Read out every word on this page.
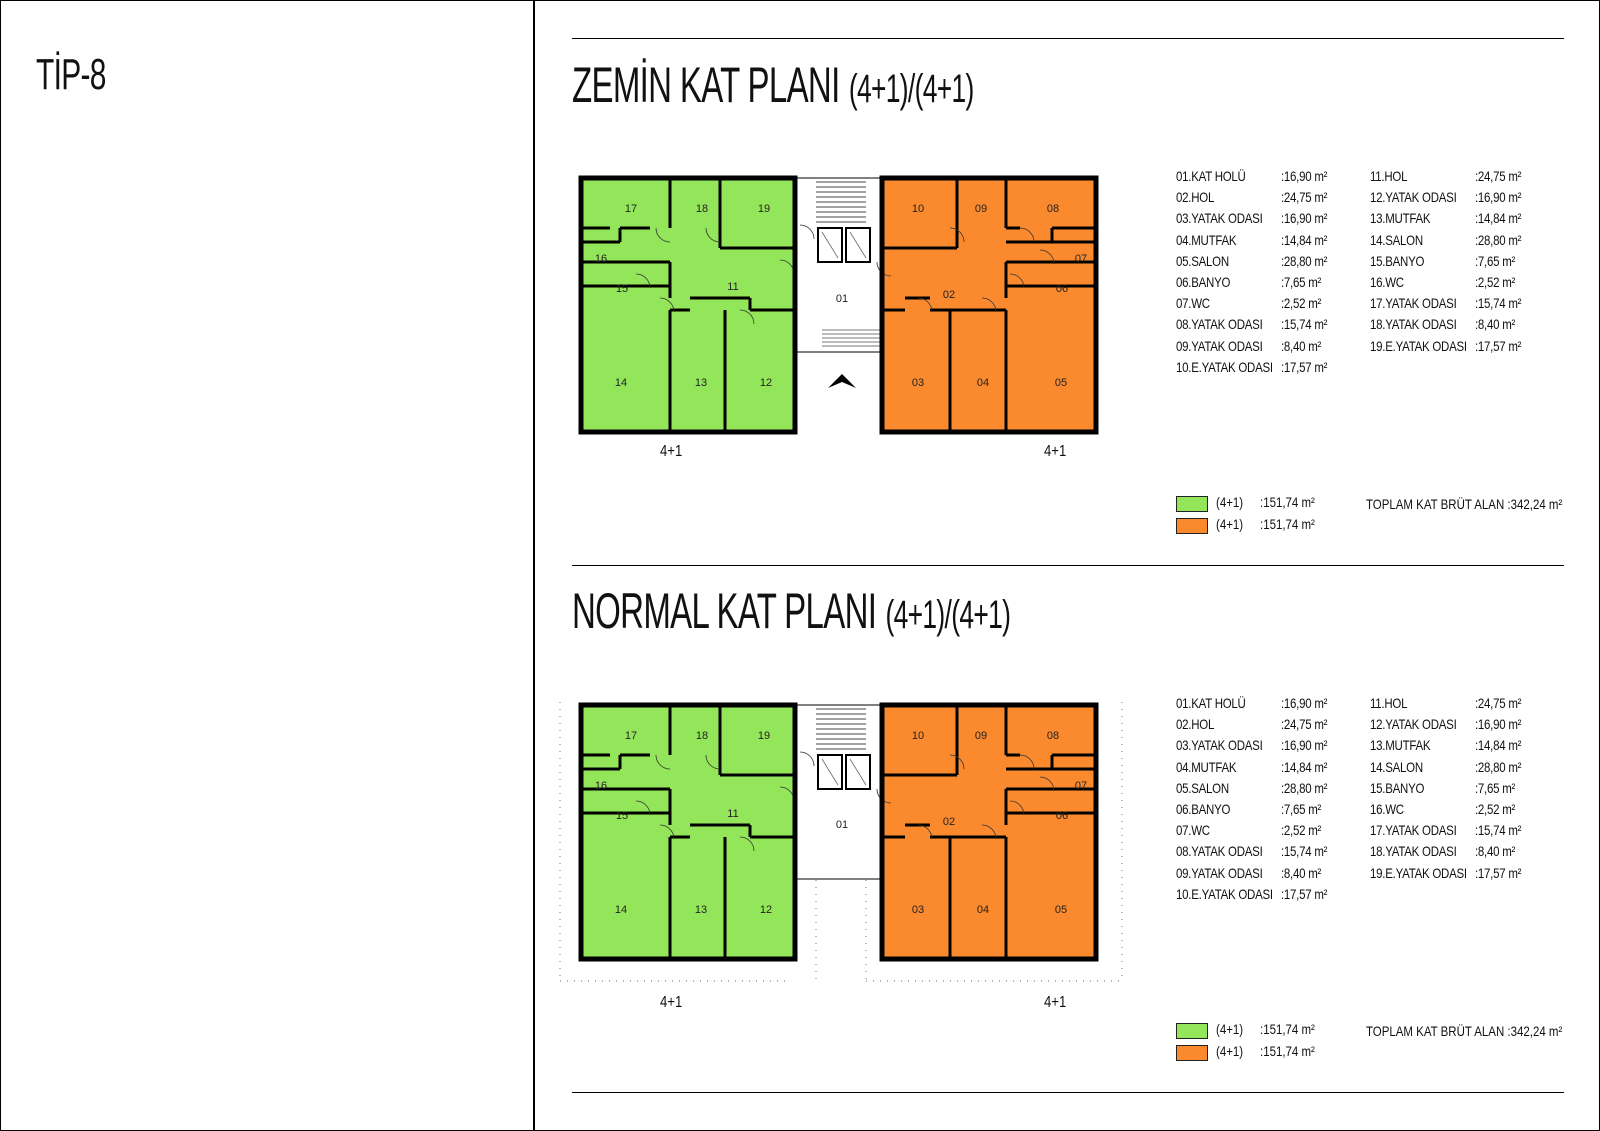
TİP-8	ZEMİN KAT PLANI (4+1)/(4+1)
NORMAL KAT PLANI (4+1)/(4+1)
11
12
13
14
15
16
17	18	19
02
03	04	05
06
07
08
09
10
01
11
12
13
14
15
16
17	18	19
02
03	04	05
06
07
08
09
10
01
4+1	4+1
4+1	4+1
01.KAT HOLÜ	:16,90 m²
02.HOL	:24,75 m²
03.YATAK ODASI :16,90 m²
04.MUTFAK	:14,84 m²
05.SALON	:28,80 m²
06.BANYO	:7,65 m²
07.WC	:2,52 m²
08.YATAK ODASI :15,74 m²
09.YATAK ODASI :8,40 m²
10.E.YATAK ODASI :17,57 m²
11.HOL	:24,75 m²
12.YATAK ODASI :16,90 m²
13.MUTFAK	:14,84 m²
14.SALON	:28,80 m²
15.BANYO	:7,65 m²
16.WC	:2,52 m²
17.YATAK ODASI :15,74 m²
18.YATAK ODASI :8,40 m²
19.E.YATAK ODASI :17,57 m²
01.KAT HOLÜ	:16,90 m²
02.HOL	:24,75 m²
03.YATAK ODASI :16,90 m²
04.MUTFAK	:14,84 m²
05.SALON	:28,80 m²
06.BANYO	:7,65 m²
07.WC	:2,52 m²
08.YATAK ODASI :15,74 m²
09.YATAK ODASI :8,40 m²
10.E.YATAK ODASI :17,57 m²
11.HOL	:24,75 m²
12.YATAK ODASI :16,90 m²
13.MUTFAK	:14,84 m²
14.SALON	:28,80 m²
15.BANYO	:7,65 m²
16.WC	:2,52 m²
17.YATAK ODASI :15,74 m²
18.YATAK ODASI :8,40 m²
19.E.YATAK ODASI :17,57 m²
(4+1) :151,74 m²
(4+1) :151,74 m²
(4+1) :151,74 m²
(4+1) :151,74 m²
TOPLAM KAT BRÜT ALAN :342,24 m²
TOPLAM KAT BRÜT ALAN :342,24 m²
